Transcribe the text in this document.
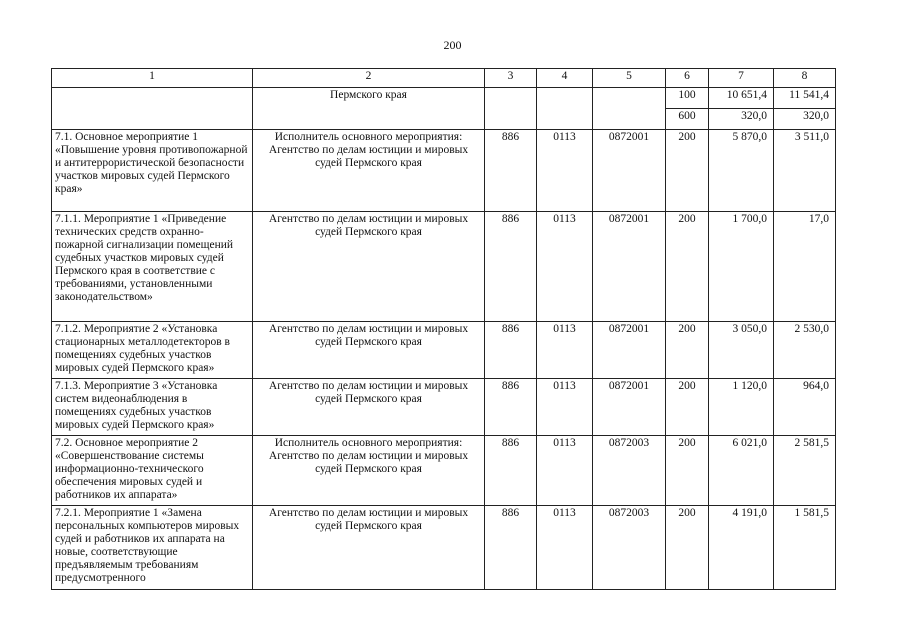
200
1	2	3	4	5	6	7	8
	Пермского края				100	10 651,4	11 541,4
					600	320,0	320,0
7.1. Основное мероприятие 1 «Повышение уровня противопожарной и антитеррористической безопасности участков мировых судей Пермского края»	Исполнитель основного мероприятия: Агентство по делам юстиции и мировых судей Пермского края	886	0113	0872001	200	5 870,0	3 511,0
7.1.1. Мероприятие 1 «Приведение технических средств охранно-пожарной сигнализации помещений судебных участков мировых судей Пермского края в соответствие с требованиями, установленными законодательством»	Агентство по делам юстиции и мировых судей Пермского края	886	0113	0872001	200	1 700,0	17,0
7.1.2. Мероприятие 2 «Установка стационарных металлодетекторов в помещениях судебных участков мировых судей Пермского края»	Агентство по делам юстиции и мировых судей Пермского края	886	0113	0872001	200	3 050,0	2 530,0
7.1.3. Мероприятие 3 «Установка систем видеонаблюдения в помещениях судебных участков мировых судей Пермского края»	Агентство по делам юстиции и мировых судей Пермского края	886	0113	0872001	200	1 120,0	964,0
7.2. Основное мероприятие 2 «Совершенствование системы информационно-технического обеспечения мировых судей и работников их аппарата»	Исполнитель основного мероприятия: Агентство по делам юстиции и мировых судей Пермского края	886	0113	0872003	200	6 021,0	2 581,5
7.2.1. Мероприятие 1 «Замена персональных компьютеров мировых судей и работников их аппарата на новые, соответствующие предъявляемым требованиям предусмотренного	Агентство по делам юстиции и мировых судей Пермского края	886	0113	0872003	200	4 191,0	1 581,5
